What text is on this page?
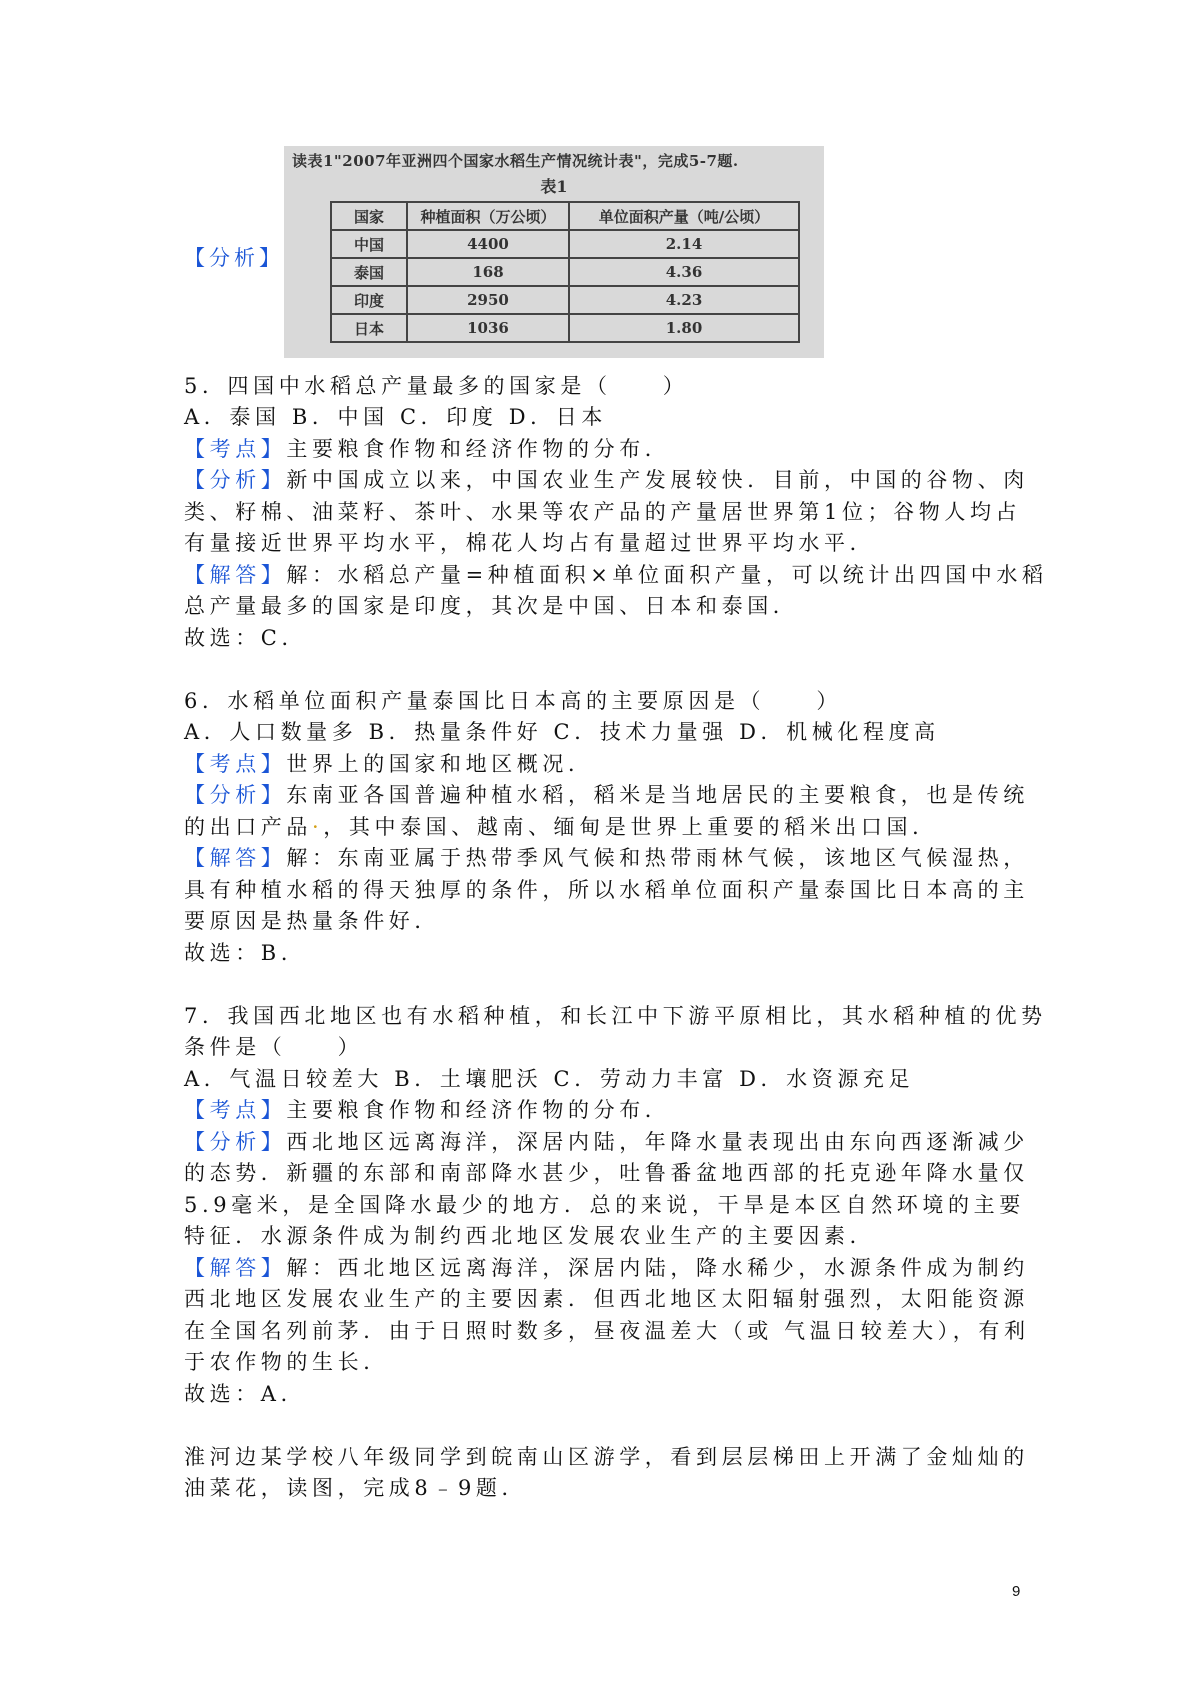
【分析】
读表1"2007年亚洲四个国家水稻生产情况统计表"，完成5-7题.
表1
国家	种植面积（万公顷）	单位面积产量（吨/公顷）
中国	4400	2.14
泰国	168	4.36
印度	2950	4.23
日本	1036	1.80
5．四国中水稻总产量最多的国家是（　　）
A．泰国 B．中国 C．印度 D．日本
【考点】主要粮食作物和经济作物的分布．
【分析】新中国成立以来，中国农业生产发展较快．目前，中国的谷物、肉
类、籽棉、油菜籽、茶叶、水果等农产品的产量居世界第1位；谷物人均占
有量接近世界平均水平，棉花人均占有量超过世界平均水平．
【解答】解：水稻总产量=种植面积×单位面积产量，可以统计出四国中水稻
总产量最多的国家是印度，其次是中国、日本和泰国．
故选：C．
6．水稻单位面积产量泰国比日本高的主要原因是（　　）
A．人口数量多 B．热量条件好 C．技术力量强 D．机械化程度高
【考点】世界上的国家和地区概况．
【分析】东南亚各国普遍种植水稻，稻米是当地居民的主要粮食，也是传统
的出口产品·，其中泰国、越南、缅甸是世界上重要的稻米出口国．
【解答】解：东南亚属于热带季风气候和热带雨林气候，该地区气候湿热，
具有种植水稻的得天独厚的条件，所以水稻单位面积产量泰国比日本高的主
要原因是热量条件好．
故选：B．
7．我国西北地区也有水稻种植，和长江中下游平原相比，其水稻种植的优势
条件是（　　）
A．气温日较差大 B．土壤肥沃 C．劳动力丰富 D．水资源充足
【考点】主要粮食作物和经济作物的分布．
【分析】西北地区远离海洋，深居内陆，年降水量表现出由东向西逐渐减少
的态势．新疆的东部和南部降水甚少，吐鲁番盆地西部的托克逊年降水量仅
5.9毫米，是全国降水最少的地方．总的来说，干旱是本区自然环境的主要
特征．水源条件成为制约西北地区发展农业生产的主要因素．
【解答】解：西北地区远离海洋，深居内陆，降水稀少，水源条件成为制约
西北地区发展农业生产的主要因素．但西北地区太阳辐射强烈，太阳能资源
在全国名列前茅．由于日照时数多，昼夜温差大（或 气温日较差大），有利
于农作物的生长．
故选：A．
淮河边某学校八年级同学到皖南山区游学，看到层层梯田上开满了金灿灿的
油菜花，读图，完成8﹣9题．
9
